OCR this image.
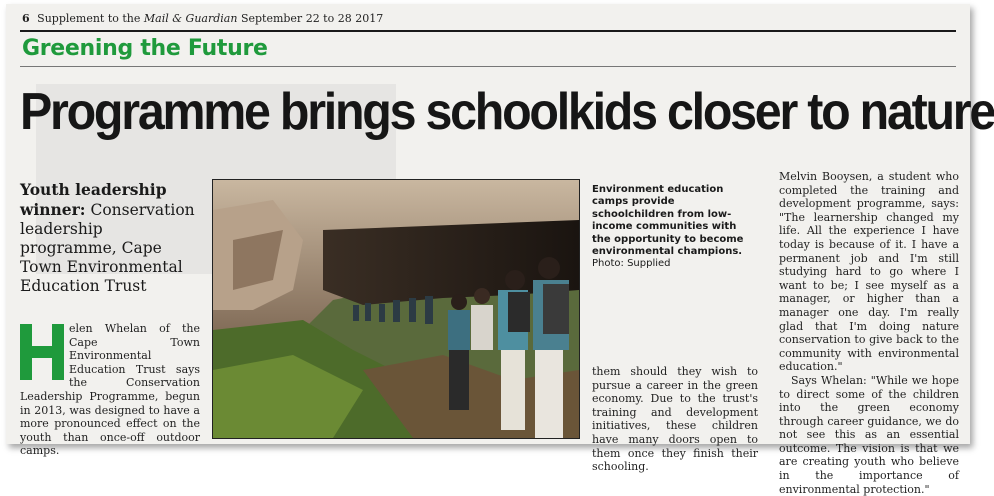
6 Supplement to the Mail & Guardian September 22 to 28 2017
Greening the Future
Programme brings schoolkids closer to nature
Youth leadership winner: Conservation leadership programme, Cape Town Environmental Education Trust
elen Whelan of the Cape Town Environmental Education Trust says the Conservation Leadership Programme, begun in 2013, was designed to have a more pronounced effect on the youth than once-off outdoor camps.
Environment education camps provide schoolchildren from low-income communities with the opportunity to become environmental champions.
Photo: Supplied
them should they wish to pursue a career in the green economy. Due to the trust's training and development initiatives, these children have many doors open to them once they finish their schooling.

Melvin Booysen, a student who completed the training and development programme, says: "The learnership changed my life. All the experience I have today is because of it. I have a permanent job and I'm still studying hard to go where I want to be; I see myself as a manager, or higher than a manager one day. I'm really glad that I'm doing nature conservation to give back to the community with environmental education."

Says Whelan: "While we hope to direct some of the children into the green economy through career guidance, we do not see this as an essential outcome. The vision is that we are creating youth who believe in the importance of environmental protection."
